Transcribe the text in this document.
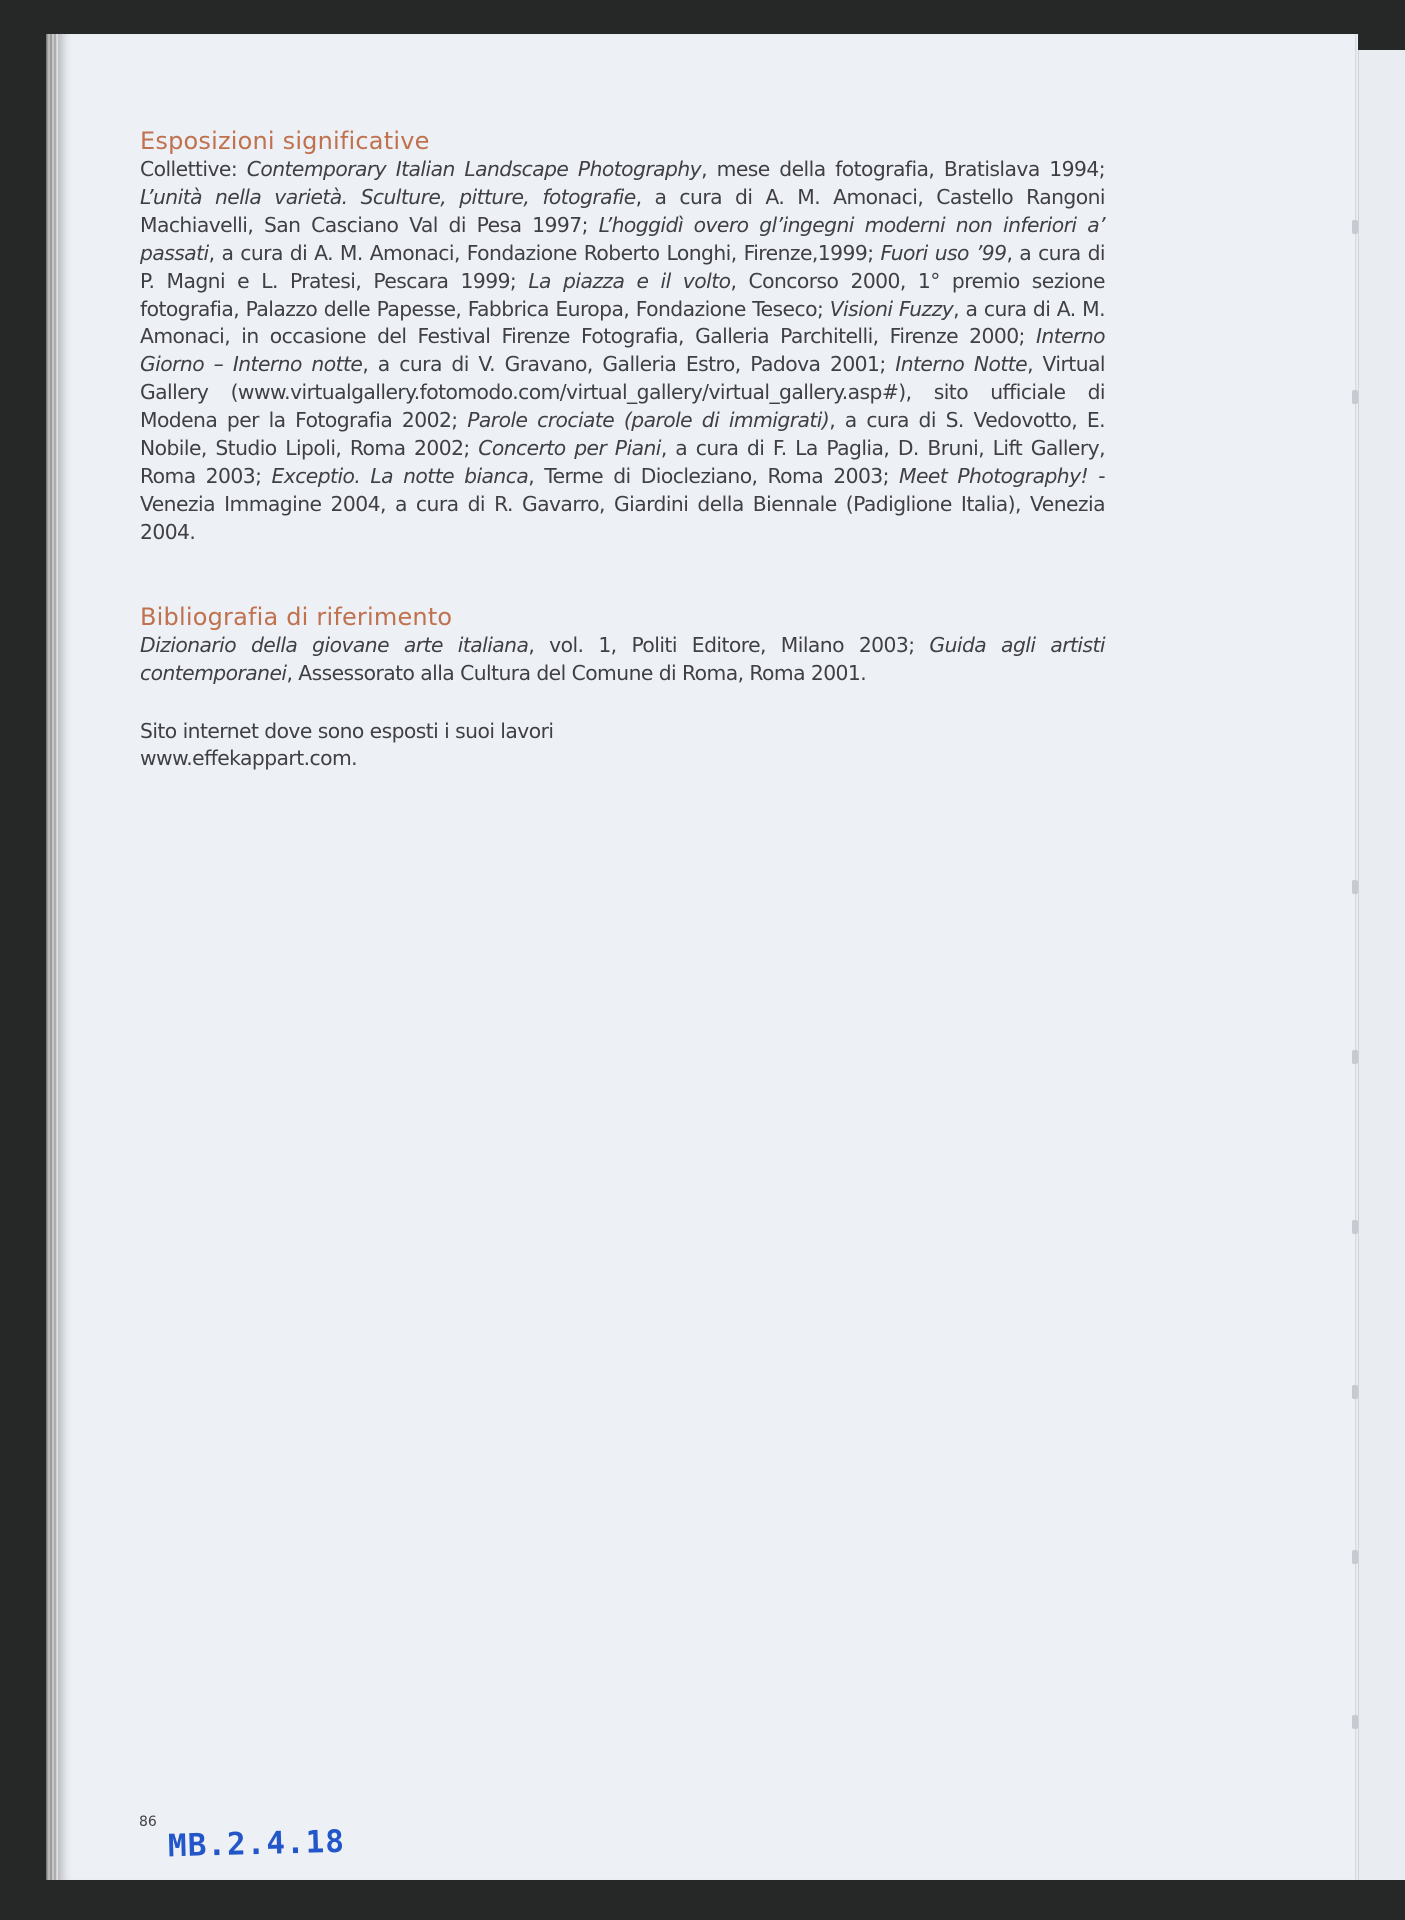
Esposizioni significative

Collettive: Contemporary Italian Landscape Photography, mese della fotografia, Bratislava 1994; L’unità nella varietà. Sculture, pitture, fotografie, a cura di A. M. Amonaci, Castello Rangoni Machiavelli, San Casciano Val di Pesa 1997; L’hoggidì overo gl’ingegni moderni non inferiori a’ passati, a cura di A. M. Amonaci, Fondazione Roberto Longhi, Firenze,1999; Fuori uso ’99, a cura di P. Magni e L. Pratesi, Pescara 1999; La piazza e il volto, Concorso 2000, 1° premio sezione fotografia, Palazzo delle Papesse, Fabbrica Europa, Fondazione Teseco; Visioni Fuzzy, a cura di A. M. Amonaci, in occasione del Festival Firenze Fotografia, Galleria Parchitelli, Firenze 2000; Interno Giorno – Interno notte, a cura di V. Gravano, Galleria Estro, Padova 2001; Interno Notte, Virtual Gallery (www.virtualgallery.fotomodo.com/virtual_gallery/virtual_gallery.asp#), sito ufficiale di Modena per la Fotografia 2002; Parole crociate (parole di immigrati), a cura di S. Vedovotto, E. Nobile, Studio Lipoli, Roma 2002; Concerto per Piani, a cura di F. La Paglia, D. Bruni, Lift Gallery, Roma 2003; Exceptio. La notte bianca, Terme di Diocleziano, Roma 2003; Meet Photography! - Venezia Immagine 2004, a cura di R. Gavarro, Giardini della Biennale (Padiglione Italia), Venezia 2004.

Bibliografia di riferimento

Dizionario della giovane arte italiana, vol. 1, Politi Editore, Milano 2003; Guida agli artisti contemporanei, Assessorato alla Cultura del Comune di Roma, Roma 2001.

Sito internet dove sono esposti i suoi lavori

www.effekappart.com.

86
MB.2.4.18
